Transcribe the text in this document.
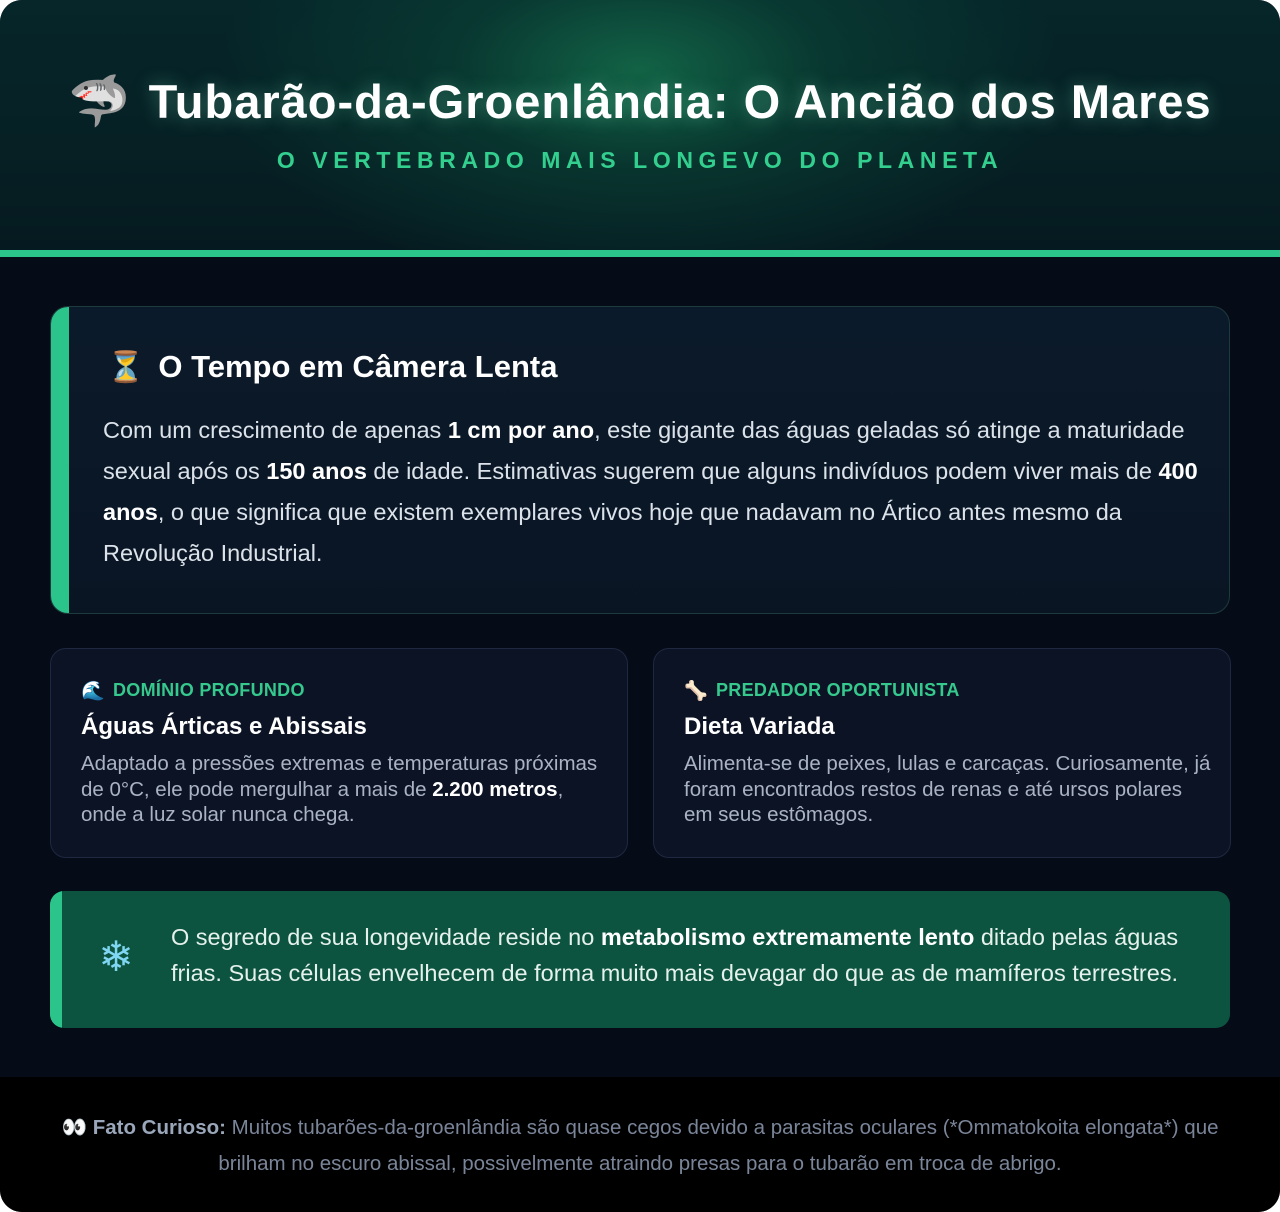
🦈 Tubarão-da-Groenlândia: O Ancião dos Mares
O VERTEBRADO MAIS LONGEVO DO PLANETA
⏳ O Tempo em Câmera Lenta

Com um crescimento de apenas 1 cm por ano, este gigante das águas geladas só atinge a maturidade sexual após os 150 anos de idade. Estimativas sugerem que alguns indivíduos podem viver mais de 400 anos, o que significa que existem exemplares vivos hoje que nadavam no Ártico antes mesmo da Revolução Industrial.

🌊 DOMÍNIO PROFUNDO
Águas Árticas e Abissais

Adaptado a pressões extremas e temperaturas próximas de 0°C, ele pode mergulhar a mais de 2.200 metros, onde a luz solar nunca chega.

🦴 PREDADOR OPORTUNISTA
Dieta Variada

Alimenta-se de peixes, lulas e carcaças. Curiosamente, já foram encontrados restos de renas e até ursos polares em seus estômagos.

❄ O segredo de sua longevidade reside no metabolismo extremamente lento ditado pelas águas frias. Suas células envelhecem de forma muito mais devagar do que as de mamíferos terrestres.

👀 Fato Curioso: Muitos tubarões-da-groenlândia são quase cegos devido a parasitas oculares (*Ommatokoita elongata*) que brilham no escuro abissal, possivelmente atraindo presas para o tubarão em troca de abrigo.
